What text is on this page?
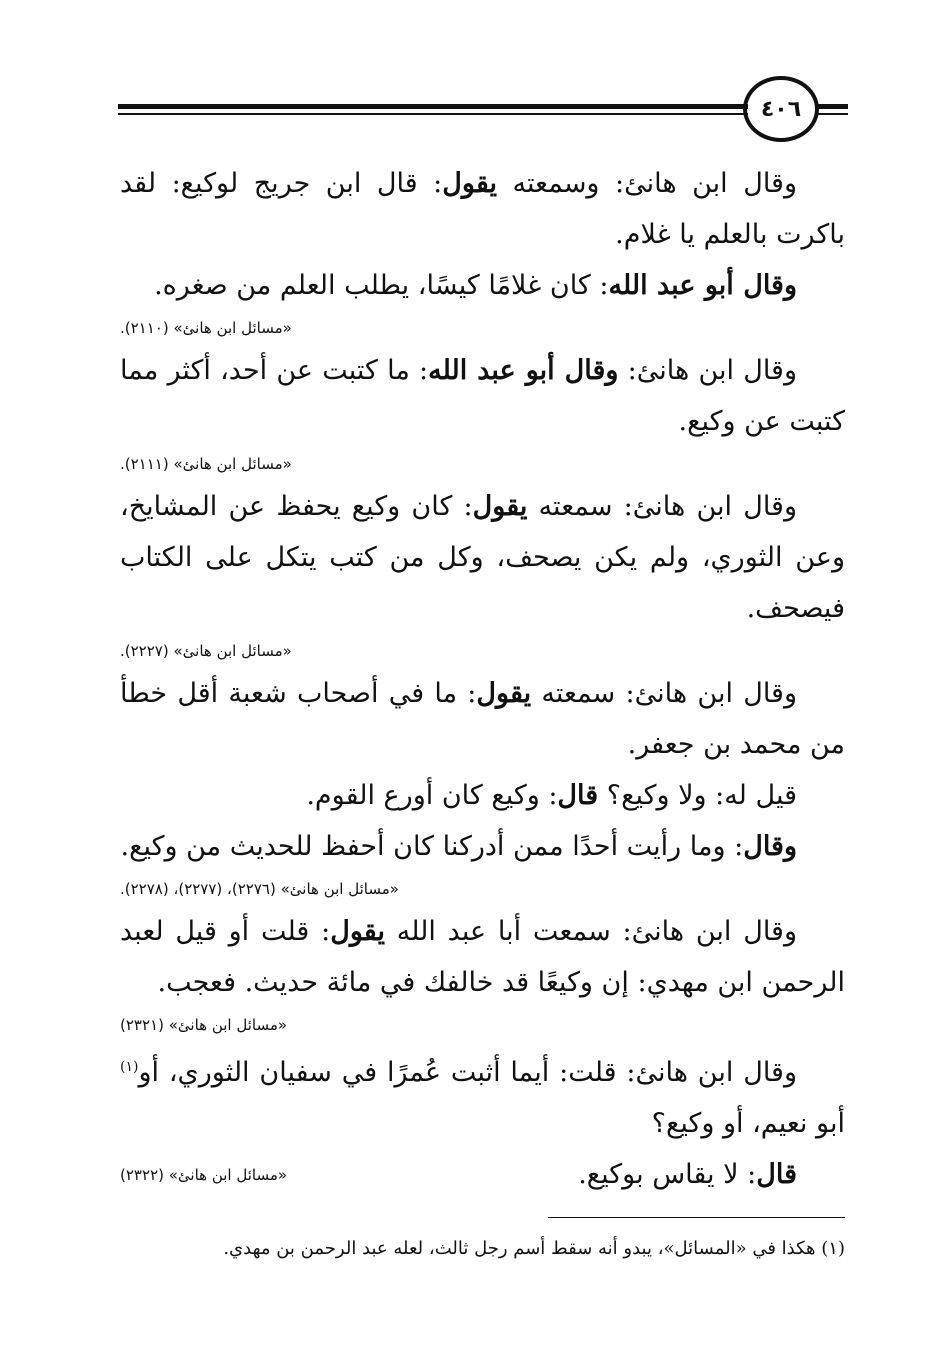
٤٠٦

وقال ابن هانئ: وسمعته يقول: قال ابن جريج لوكيع: لقد باكرت بالعلم يا غلام.

وقال أبو عبد الله: كان غلامًا كيسًا، يطلب العلم من صغره.

«مسائل ابن هانئ» (٢١١٠).

وقال ابن هانئ: وقال أبو عبد الله: ما كتبت عن أحد، أكثر مما كتبت عن وكيع.

«مسائل ابن هانئ» (٢١١١).

وقال ابن هانئ: سمعته يقول: كان وكيع يحفظ عن المشايخ، وعن الثوري، ولم يكن يصحف، وكل من كتب يتكل على الكتاب فيصحف.

«مسائل ابن هانئ» (٢٢٢٧).

وقال ابن هانئ: سمعته يقول: ما في أصحاب شعبة أقل خطأ من محمد بن جعفر.

قيل له: ولا وكيع؟ قال: وكيع كان أورع القوم.

وقال: وما رأيت أحدًا ممن أدركنا كان أحفظ للحديث من وكيع.

«مسائل ابن هانئ» (٢٢٧٦)، (٢٢٧٧)، (٢٢٧٨).

وقال ابن هانئ: سمعت أبا عبد الله يقول: قلت أو قيل لعبد الرحمن ابن مهدي: إن وكيعًا قد خالفك في مائة حديث. فعجب.

«مسائل ابن هانئ» (٢٣٢١)

وقال ابن هانئ: قلت: أيما أثبت عُمرًا في سفيان الثوري، أو$^{(١)}$ أبو نعيم، أو وكيع؟

قال: لا يقاس بوكيع.

«مسائل ابن هانئ» (٢٣٢٢)
(١) هكذا في «المسائل»، يبدو أنه سقط أسم رجل ثالث، لعله عبد الرحمن بن مهدي.
